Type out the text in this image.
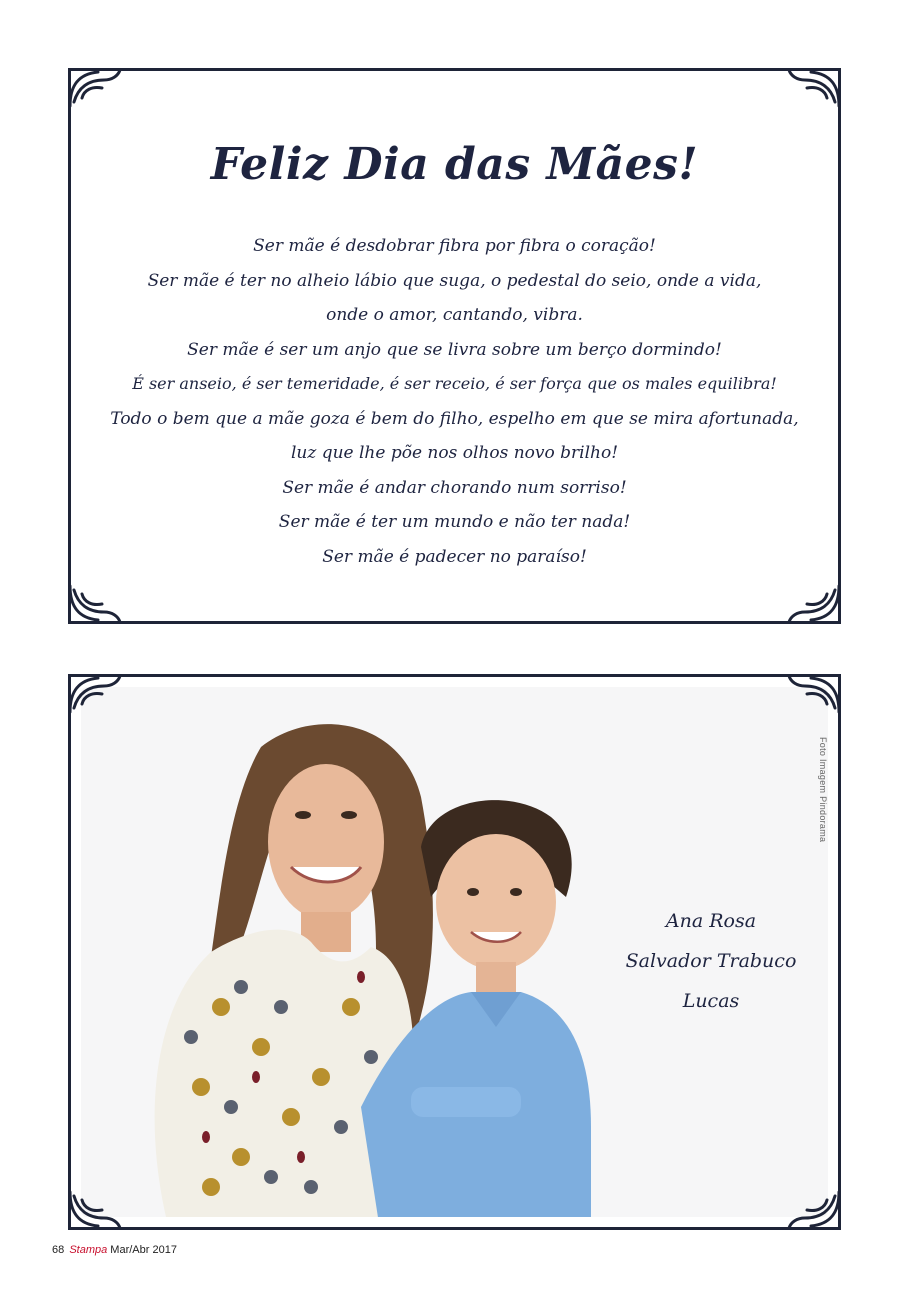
Feliz Dia das Mães!
Ser mãe é desdobrar fibra por fibra o coração!
Ser mãe é ter no alheio lábio que suga, o pedestal do seio, onde a vida,
onde o amor, cantando, vibra.
Ser mãe é ser um anjo que se livra sobre um berço dormindo!
É ser anseio, é ser temeridade, é ser receio, é ser força que os males equilibra!
Todo o bem que a mãe goza é bem do filho, espelho em que se mira afortunada,
luz que lhe põe nos olhos novo brilho!
Ser mãe é andar chorando num sorriso!
Ser mãe é ter um mundo e não ter nada!
Ser mãe é padecer no paraíso!
Foto Imagem Pindorama
Ana Rosa
Salvador Trabuco
Lucas
68 Stampa Mar/Abr 2017
